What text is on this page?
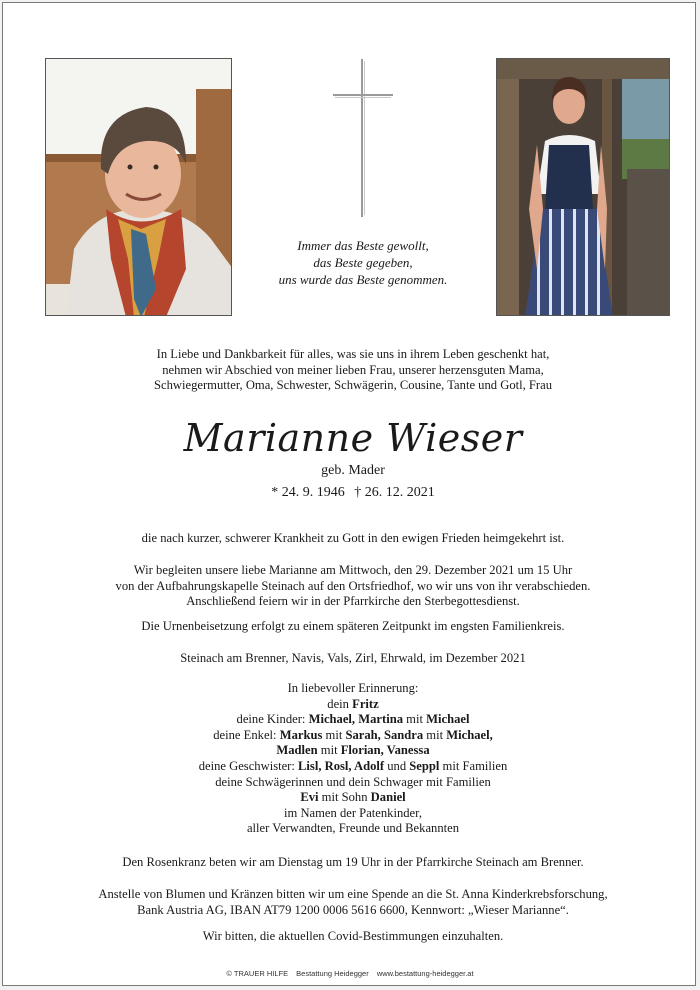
Immer das Beste gewollt,
das Beste gegeben,
uns wurde das Beste genommen.
In Liebe und Dankbarkeit für alles, was sie uns in ihrem Leben geschenkt hat,
nehmen wir Abschied von meiner lieben Frau, unserer herzensguten Mama,
Schwiegermutter, Oma, Schwester, Schwägerin, Cousine, Tante und Gotl, Frau
Marianne Wieser
geb. Mader
* 24. 9. 1946 † 26. 12. 2021
die nach kurzer, schwerer Krankheit zu Gott in den ewigen Frieden heimgekehrt ist.
Wir begleiten unsere liebe Marianne am Mittwoch, den 29. Dezember 2021 um 15 Uhr
von der Aufbahrungskapelle Steinach auf den Ortsfriedhof, wo wir uns von ihr verabschieden.
Anschließend feiern wir in der Pfarrkirche den Sterbegottesdienst.
Die Urnenbeisetzung erfolgt zu einem späteren Zeitpunkt im engsten Familienkreis.
Steinach am Brenner, Navis, Vals, Zirl, Ehrwald, im Dezember 2021
In liebevoller Erinnerung:
dein Fritz
deine Kinder: Michael, Martina mit Michael
deine Enkel: Markus mit Sarah, Sandra mit Michael,
Madlen mit Florian, Vanessa
deine Geschwister: Lisl, Rosl, Adolf und Seppl mit Familien
deine Schwägerinnen und dein Schwager mit Familien
Evi mit Sohn Daniel
im Namen der Patenkinder,
aller Verwandten, Freunde und Bekannten
Den Rosenkranz beten wir am Dienstag um 19 Uhr in der Pfarrkirche Steinach am Brenner.
Anstelle von Blumen und Kränzen bitten wir um eine Spende an die St. Anna Kinderkrebsforschung,
Bank Austria AG, IBAN AT79 1200 0006 5616 6600, Kennwort: „Wieser Marianne“.
Wir bitten, die aktuellen Covid-Bestimmungen einzuhalten.
© TRAUER HILFE Bestattung Heidegger www.bestattung-heidegger.at
